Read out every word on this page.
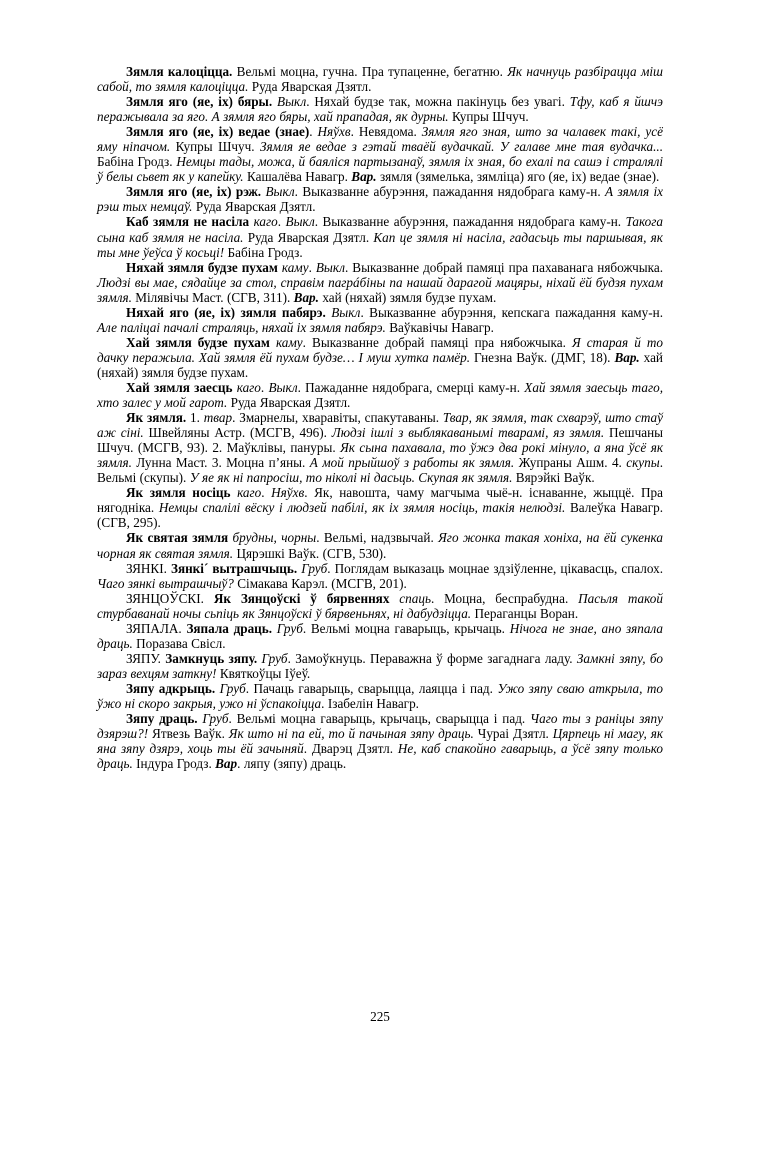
Зямля калоціцца. Вельмі моцна, гучна. Пра тупаценне, бегатню. Як начнуць разбірацца міш сабой, то зямля калоціцца. Руда Яварская Дзятл.

Зямля яго (яе, іх) бяры. Выкл. Няхай будзе так, можна пакінуць без увагі. Тфу, каб я йшчэ перажывала за яго. А зямля яго бяры, хай прападая, як дурны. Купры Шчуч.

Зямля яго (яе, іх) ведае (знае). Няўхв. Невядома. Зямля яго зная, што за чалавек такі, усё яму ніпачом. Купры Шчуч. Зямля яе ведае з гэтай тваёй вудачкай. У галаве мне тая вудачка... Бабіна Гродз. Немцы тады, можа, й баяліся партызанаў, зямля іх зная, бо ехалі па сашэ і стралялі ў белы сьвет як у капейку. Кашалёва Навагр. Вар. зямля (зямелька, зямліца) яго (яе, іх) ведае (знае).

Зямля яго (яе, іх) рэж. Выкл. Выказванне абурэння, пажадання нядобрага каму-н. А зямля іх рэш тых немцаў. Руда Яварская Дзятл.

Каб зямля не насіла каго. Выкл. Выказванне абурэння, пажадання нядобрага каму-н. Такога сына каб зямля не насіла. Руда Яварская Дзятл. Кап це зямля ні насіла, гадасьць ты паршывая, як ты мне ўеўса ў косьці! Бабіна Гродз.

Няхай зямля будзе пухам каму. Выкл. Выказванне добрай памяці пра пахаванага нябожчыка. Людзі вы мае, сядайце за стол, справім пагрáбіны па нашай дарагой мацяры, ніхай ёй будзя пухам зямля. Мілявічы Маст. (СГВ, 311). Вар. хай (няхай) зямля будзе пухам.

Няхай яго (яе, іх) зямля пабярэ. Выкл. Выказванне абурэння, кепскага пажадання каму-н. Але паліцаі пачалі страляць, няхай іх зямля пабярэ. Ваўкавічы Навагр.

Хай зямля будзе пухам каму. Выказванне добрай памяці пра нябожчыка. Я старая й то дачку перажыла. Хай зямля ёй пухам будзе… І муш хутка памёр. Гнезна Ваўк. (ДМГ, 18). Вар. хай (няхай) зямля будзе пухам.

Хай зямля заесць каго. Выкл. Пажаданне нядобрага, смерці каму-н. Хай зямля заесьць таго, хто залес у мой гарот. Руда Яварская Дзятл.

Як зямля. 1. твар. Змарнелы, хваравіты, спакутаваны. Твар, як зямля, так схварэў, што стаў аж сіні. Швейляны Астр. (МСГВ, 496). Людзі ішлі з выблякаванымі тварамі, яз зямля. Пешчаны Шчуч. (МСГВ, 93). 2. Маўклівы, пануры. Як сына пахавала, то ўжэ два рокі мінуло, а яна ўсё як зямля. Лунна Маст. 3. Моцна п’яны. А мой прыйшоў з работы як зямля. Жупраны Ашм. 4. скупы. Вельмі (скупы). У яе як ні папросіш, то ніколі ні дасьць. Скупая як зямля. Вярэйкі Ваўк.

Як зямля носіць каго. Няўхв. Як, навошта, чаму магчыма чыё-н. існаванне, жыццё. Пра нягодніка. Немцы спалілі вёску і людзей пабілі, як іх зямля носіць, такія нелюдзі. Валеўка Навагр. (СГВ, 295).

Як святая зямля брудны, чорны. Вельмі, надзвычай. Яго жонка такая хоніха, на ёй сукенка чорная як святая зямля. Цярэшкі Ваўк. (СГВ, 530).

ЗЯНКІ. Зянкі´ вытрашчыць. Груб. Поглядам выказаць моцнае здзіўленне, цікавасць, спалох. Чаго зянкі вытрашчыў? Сімакава Карэл. (МСГВ, 201).

ЗЯНЦОЎСКІ. Як Зянцоўскі ў бярвеннях спаць. Моцна, беспрабудна. Пасьля такой стурбаванай ночы сьпіць як Зянцоўскі ў бярвеньнях, ні дабудзіцца. Пераганцы Воран.

ЗЯПАЛА. Зяпала драць. Груб. Вельмі моцна гаварыць, крычаць. Нічога не знае, ано зяпала драць. Поразава Свісл.

ЗЯПУ. Замкнуць зяпу. Груб. Замоўкнуць. Пераважна ў форме загаднага ладу. Замкні зяпу, бо зараз вехцям заткну! Квяткоўцы Іўеў.

Зяпу адкрыць. Груб. Пачаць гаварыць, сварыцца, лаяцца і пад. Ужо зяпу сваю аткрыла, то ўжо ні скоро закрыя, ужо ні ўспакоіцца. Ізабелін Навагр.

Зяпу драць. Груб. Вельмі моцна гаварыць, крычаць, сварыцца і пад. Чаго ты з раніцы зяпу дзярэш?! Ятвезь Ваўк. Як што ні па ей, то й пачыная зяпу драць. Чураі Дзятл. Цярпець ні магу, як яна зяпу дзярэ, хоць ты ёй зачыняй. Дварэц Дзятл. Не, каб спакойно гаварыць, а ўсё зяпу только драць. Індура Гродз. Вар. ляпу (зяпу) драць.

225
